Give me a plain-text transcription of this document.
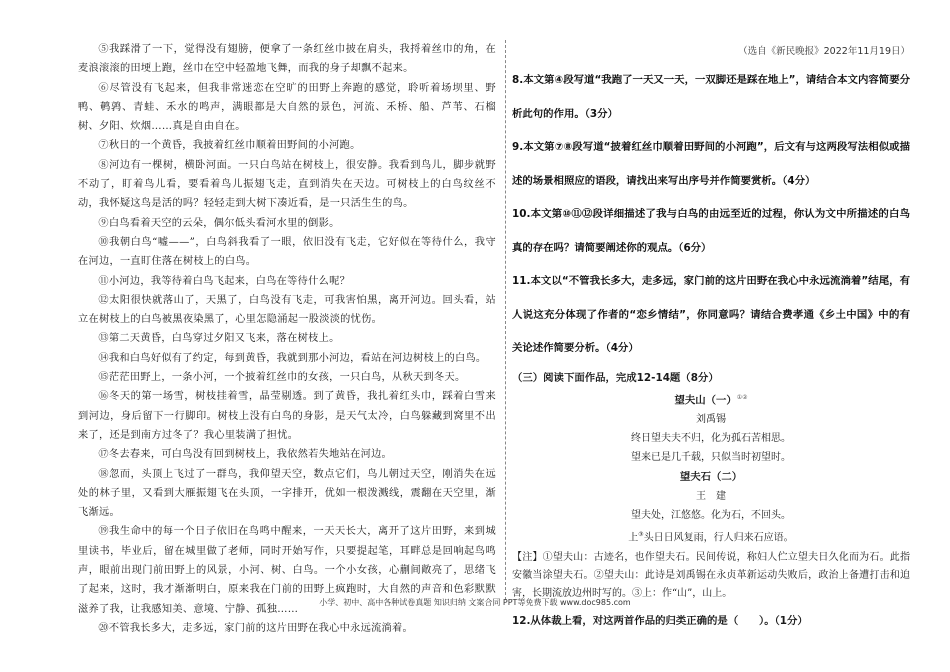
⑤我踩滑了一下，觉得没有翅膀，便拿了一条红丝巾披在肩头，我捋着丝巾的角，在麦浪滚滚的田埂上跑，丝巾在空中轻盈地飞舞，而我的身子却飘不起来。

⑥尽管没有飞起来，但我非常迷恋在空旷的田野上奔跑的感觉，聆听着场坝里、野鸭、鹌鹑、青蛙、禾水的鸣声，满眼都是大自然的景色，河流、禾桥、船、芦苇、石榴树、夕阳、炊烟……真是自由自在。

⑦秋日的一个黄昏，我披着红丝巾顺着田野间的小河跑。

⑧河边有一棵树，横卧河面。一只白鸟站在树枝上，很安静。我看到鸟儿，脚步就野不动了，盯着鸟儿看，要看着鸟儿振翅飞走，直到消失在天边。可树枝上的白鸟纹丝不动，我怀疑这鸟是活的吗？轻轻走到大树下凑近看，是一只活生生的鸟。

⑨白鸟看着天空的云朵，偶尔低头看河水里的倒影。

⑩我朝白鸟“嘘——”，白鸟斜我看了一眼，依旧没有飞走，它好似在等待什么，我守在河边，一直盯住落在树枝上的白鸟。

⑪小河边，我等待着白鸟飞起来，白鸟在等待什么呢？

⑫太阳很快就落山了，天黑了，白鸟没有飞走，可我害怕黑，离开河边。回头看，站立在树枝上的白鸟被黑夜染黑了，心里怎隐涌起一股淡淡的忧伤。

⑬第二天黄昏，白鸟穿过夕阳又飞来，落在树枝上。

⑭我和白鸟好似有了约定，每到黄昏，我就到那小河边，看站在河边树枝上的白鸟。

⑮茫茫田野上，一条小河，一个披着红丝巾的女孩，一只白鸟，从秋天到冬天。

⑯冬天的第一场雪，树枝挂着雪，晶莹剔透。到了黄昏，我扎着红头巾，踩着白雪来到河边，身后留下一行脚印。树枝上没有白鸟的身影，是天气太冷，白鸟躲藏到窝里不出来了，还是到南方过冬了？我心里装满了担忧。

⑰冬去春来，可白鸟没有回到树枝上，我依然若失地站在河边。

⑱忽而，头顶上飞过了一群鸟，我仰望天空，数点它们，鸟儿朝过天空，刚消失在远处的林子里，又看到大雁振翅飞在头顶，一字排开，优如一根泼溅线，震翻在天空里，渐飞渐远。

⑲我生命中的每一个日子依旧在鸟鸣中醒来，一天天长大，离开了这片田野，来到城里读书，毕业后，留在城里做了老师，同时开始写作，只要提起笔，耳畔总是回响起鸟鸣声，眼前出现门前田野上的风景，小河、树、白鸟。一个小女孩，心蒯间敞亮了，思绪飞了起来，这时，我才渐渐明白，原来我在门前的田野上疯跑时，大自然的声音和色彩默默滋养了我，让我感知美、意境、宁静、孤独……

⑳不管我长多大，走多远，家门前的这片田野在我心中永远流淌着。

（选自《新民晚报》2022年11月19日）
8.本文第④段写道“我跑了一天又一天，一双脚还是踩在地上”，请结合本文内容简要分析此句的作用。（3分）
9.本文第⑦⑧段写道“披着红丝巾顺着田野间的小河跑”，后文有与这两段写法相似或描述的场景相照应的语段，请找出来写出序号并作简要赏析。（4分）
10.本文第⑩⑪⑫段详细描述了我与白鸟的由远至近的过程，你认为文中所描述的白鸟真的存在吗？请简要阐述你的观点。（6分）
11.本文以“不管我长多大，走多远，家门前的这片田野在我心中永远流淌着”结尾，有人说这充分体现了作者的“恋乡情结”，你同意吗？请结合费孝通《乡土中国》中的有关论述作简要分析。（4分）
（三）阅读下面作品，完成12-14题（8分）
望夫山（一）①②
刘禹锡
终日望夫夫不归，化为孤石苦相思。
望来已是几千载，只似当时初望时。
望夫石（二）
王　建
望夫处，江悠悠。化为石，不回头。
上③头日日风复雨，行人归来石应语。
【注】①望夫山：古迹名，也作望夫石。民间传说，称妇人伫立望夫日久化而为石。此指安徽当涂望夫石。②望夫山：此诗是刘禹锡在永贞革新运动失败后，政治上备遭打击和迫害，长期流放边州时写的。③上：作“山”，山上。
12.从体裁上看，对这两首作品的归类正确的是（　　）。（1分）
小学、初中、高中各种试卷真题 知识归纳 文案合同 PPT等免费下载 www.doc985.com
